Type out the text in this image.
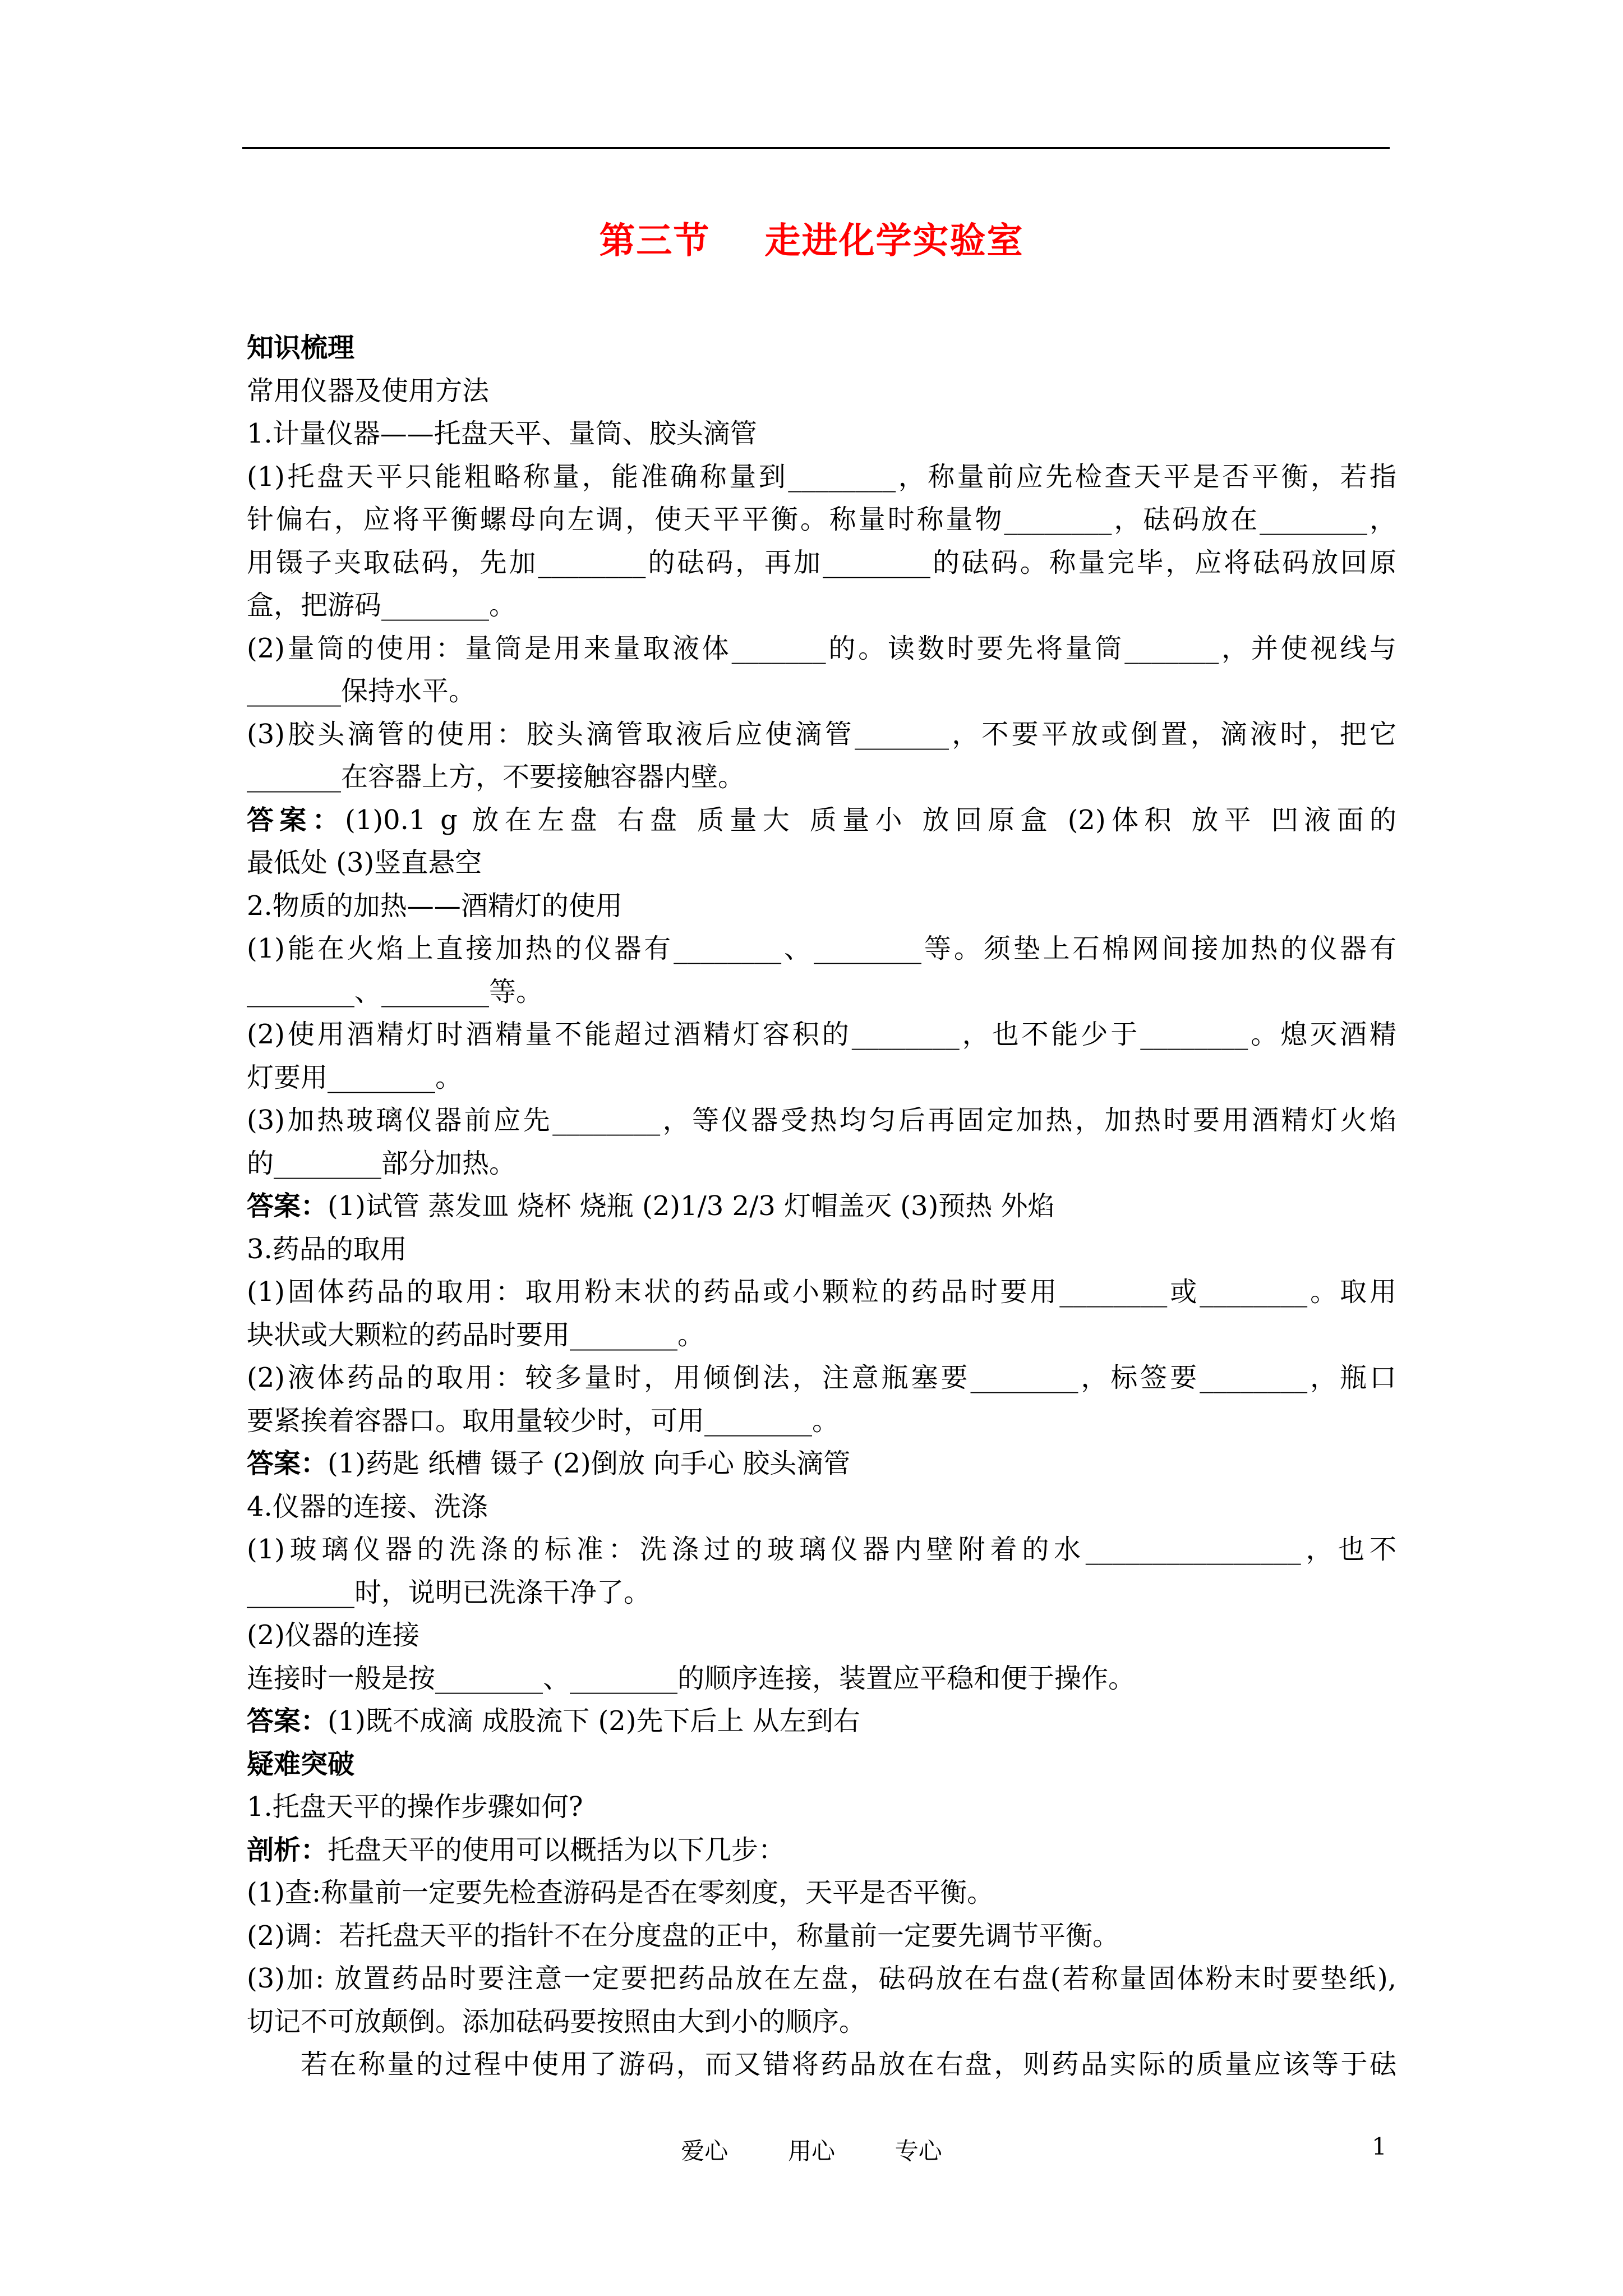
第三节    走进化学实验室
知识梳理
常用仪器及使用方法
1.计量仪器——托盘天平、量筒、胶头滴管
(1)托盘天平只能粗略称量，能准确称量到________，称量前应先检查天平是否平衡，若指
针偏右，应将平衡螺母向左调，使天平平衡。称量时称量物________，砝码放在________，
用镊子夹取砝码，先加________的砝码，再加________的砝码。称量完毕，应将砝码放回原
盒，把游码________。
(2)量筒的使用：量筒是用来量取液体_______的。读数时要先将量筒_______，并使视线与
_______保持水平。
(3)胶头滴管的使用：胶头滴管取液后应使滴管_______，不要平放或倒置，滴液时，把它
_______在容器上方，不要接触容器内壁。
答案：(1)0.1 g 放在左盘 右盘 质量大 质量小 放回原盒 (2)体积 放平 凹液面的
最低处 (3)竖直悬空
2.物质的加热——酒精灯的使用
(1)能在火焰上直接加热的仪器有________、________等。须垫上石棉网间接加热的仪器有
________、________等。
(2)使用酒精灯时酒精量不能超过酒精灯容积的________，也不能少于________。熄灭酒精
灯要用________。
(3)加热玻璃仪器前应先________，等仪器受热均匀后再固定加热，加热时要用酒精灯火焰
的________部分加热。
答案：(1)试管 蒸发皿 烧杯 烧瓶 (2)1/3 2/3 灯帽盖灭 (3)预热 外焰
3.药品的取用
(1)固体药品的取用：取用粉末状的药品或小颗粒的药品时要用________或________。取用
块状或大颗粒的药品时要用________。
(2)液体药品的取用：较多量时，用倾倒法，注意瓶塞要________，标签要________，瓶口
要紧挨着容器口。取用量较少时，可用________。
答案：(1)药匙 纸槽 镊子 (2)倒放 向手心 胶头滴管
4.仪器的连接、洗涤
(1)玻璃仪器的洗涤的标准：洗涤过的玻璃仪器内壁附着的水________________，也不
________时，说明已洗涤干净了。
(2)仪器的连接
连接时一般是按________、________的顺序连接，装置应平稳和便于操作。
答案：(1)既不成滴 成股流下 (2)先下后上 从左到右
疑难突破
1.托盘天平的操作步骤如何?
剖析：托盘天平的使用可以概括为以下几步：
(1)查:称量前一定要先检查游码是否在零刻度，天平是否平衡。
(2)调：若托盘天平的指针不在分度盘的正中，称量前一定要先调节平衡。
(3)加: 放置药品时要注意一定要把药品放在左盘，砝码放在右盘(若称量固体粉末时要垫纸),
切记不可放颠倒。添加砝码要按照由大到小的顺序。
若在称量的过程中使用了游码，而又错将药品放在右盘，则药品实际的质量应该等于砝
爱心        用心        专心	1
